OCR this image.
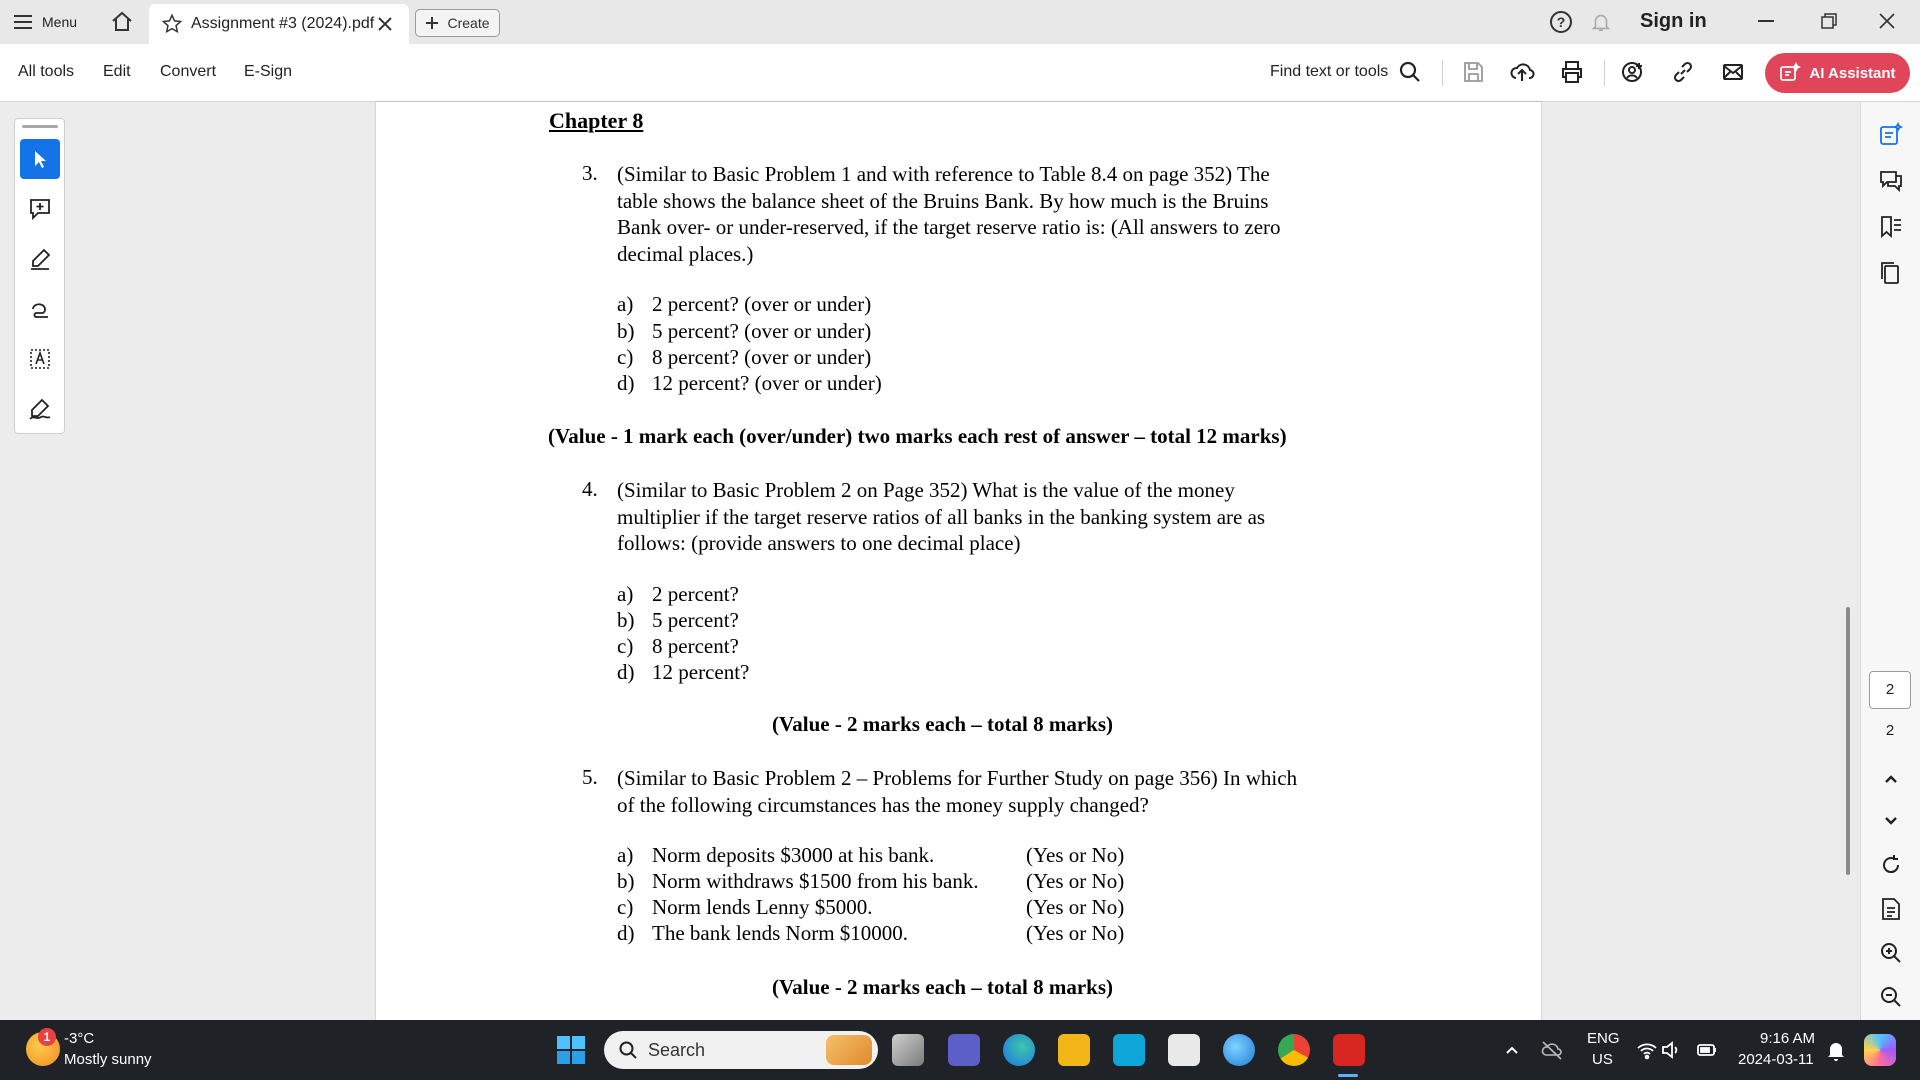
Menu	Assignment #3 (2024).pdf	Create	?	Sign in
All tools Edit Convert E-Sign	Find text or tools	AI Assistant
Chapter 8
3. (Similar to Basic Problem 1 and with reference to Table 8.4 on page 352) The
table shows the balance sheet of the Bruins Bank. By how much is the Bruins
Bank over- or under-reserved, if the target reserve ratio is: (All answers to zero
decimal places.)
a) 2 percent? (over or under)
b) 5 percent? (over or under)
c) 8 percent? (over or under)
d) 12 percent? (over or under)
(Value - 1 mark each (over/under) two marks each rest of answer – total 12 marks)
4. (Similar to Basic Problem 2 on Page 352) What is the value of the money
multiplier if the target reserve ratios of all banks in the banking system are as
follows: (provide answers to one decimal place)
a) 2 percent?
b) 5 percent?
c) 8 percent?
d) 12 percent?
(Value - 2 marks each – total 8 marks)
5. (Similar to Basic Problem 2 – Problems for Further Study on page 356) In which
of the following circumstances has the money supply changed?
a) Norm deposits $3000 at his bank.	(Yes or No)
b) Norm withdraws $1500 from his bank. (Yes or No)
c) Norm lends Lenny $5000.	(Yes or No)
d) The bank lends Norm $10000.	(Yes or No)
(Value - 2 marks each – total 8 marks)
2
2
1 -3°C
Mostly sunny	Search
ENG
US
9:16 AM
2024-03-11
